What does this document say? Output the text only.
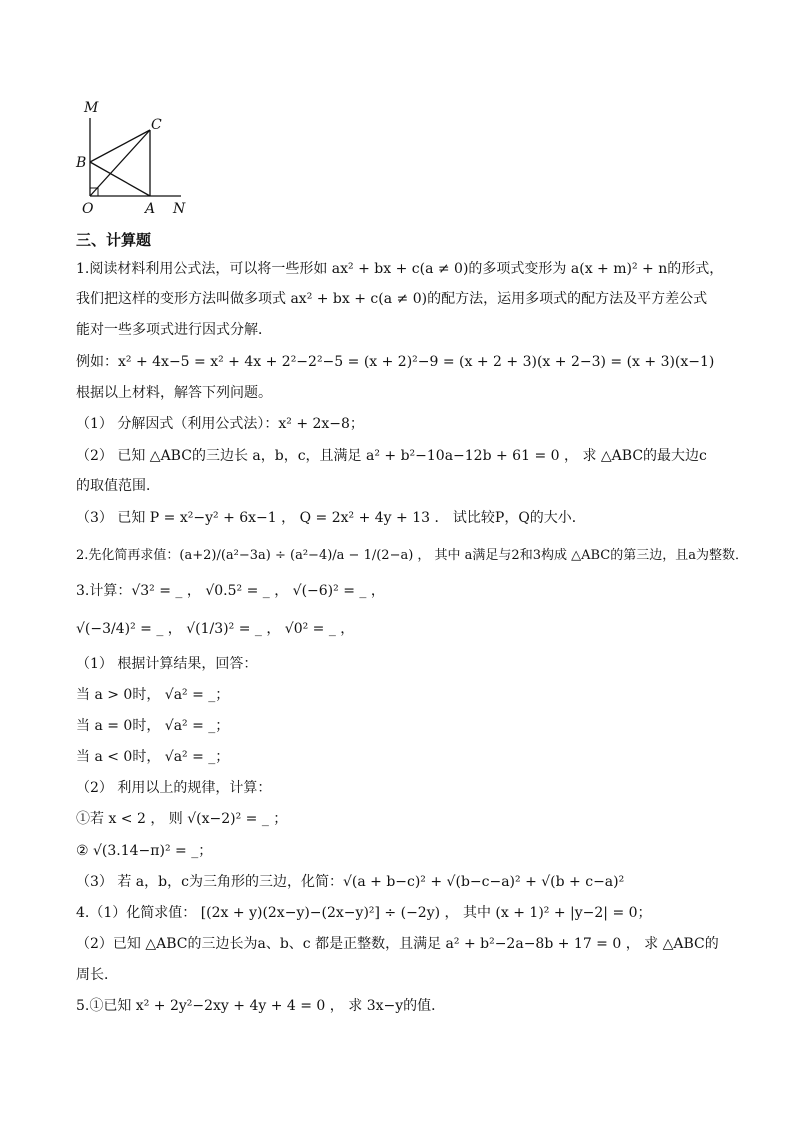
M
C
B
O	A N
三、计算题
1.阅读材料利用公式法，可以将一些形如 ax² + bx + c(a ≠ 0)的多项式变形为 a(x + m)² + n的形式，
我们把这样的变形方法叫做多项式 ax² + bx + c(a ≠ 0)的配方法，运用多项式的配方法及平方差公式
能对一些多项式进行因式分解．
例如：x² + 4x−5 = x² + 4x + 2²−2²−5 = (x + 2)²−9 = (x + 2 + 3)(x + 2−3) = (x + 3)(x−1)
根据以上材料，解答下列问题。
（1） 分解因式（利用公式法）：x² + 2x−8；
（2） 已知 △ABC的三边长 a，b，c，且满足 a² + b²−10a−12b + 61 = 0 ， 求 △ABC的最大边c
的取值范围．
（3） 已知 P = x²−y² + 6x−1 ， Q = 2x² + 4y + 13 ． 试比较P，Q的大小．
2.先化简再求值：(a+2)/(a²−3a) ÷ (a²−4)/a − 1/(2−a) ， 其中 a满足与2和3构成 △ABC的第三边，且a为整数．
3.计算：√3² = _ ， √0.5² = _ ， √(−6)² = _ ，
√(−3/4)² = _ ， √(1/3)² = _ ， √0² = _ ，
（1） 根据计算结果，回答：
当 a > 0时， √a² = _；
当 a = 0时， √a² = _；
当 a < 0时， √a² = _；
（2） 利用以上的规律，计算：
①若 x < 2 ， 则 √(x−2)² = _ ；
② √(3.14−π)² = _；
（3） 若 a，b，c为三角形的三边，化简：√(a + b−c)² + √(b−c−a)² + √(b + c−a)²
4.（1）化简求值： [(2x + y)(2x−y)−(2x−y)²] ÷ (−2y) ， 其中 (x + 1)² + |y−2| = 0；
（2）已知 △ABC的三边长为a、b、c 都是正整数，且满足 a² + b²−2a−8b + 17 = 0 ， 求 △ABC的
周长．
5.①已知 x² + 2y²−2xy + 4y + 4 = 0 ， 求 3x−y的值．
